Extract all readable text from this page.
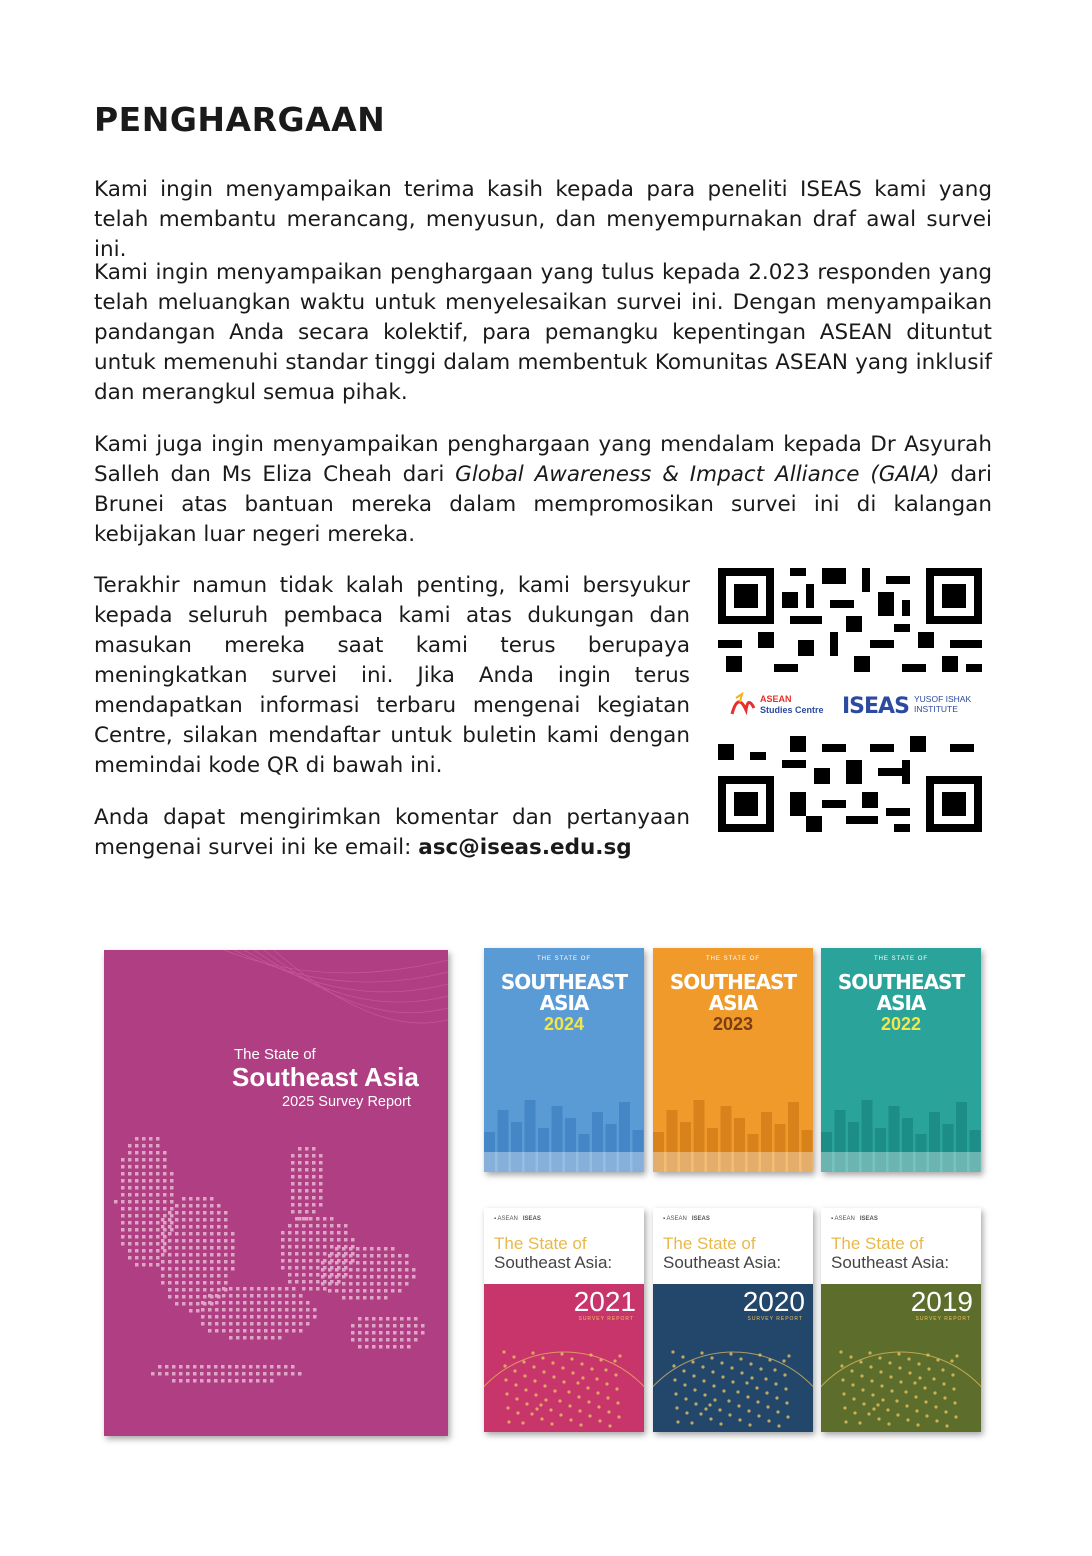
PENGHARGAAN

Kami ingin menyampaikan terima kasih kepada para peneliti ISEAS kami yang telah membantu merancang, menyusun, dan menyempurnakan draf awal survei ini.

Kami ingin menyampaikan penghargaan yang tulus kepada 2.023 responden yang telah meluangkan waktu untuk menyelesaikan survei ini. Dengan menyampaikan pandangan Anda secara kolektif, para pemangku kepentingan ASEAN dituntut untuk memenuhi standar tinggi dalam membentuk Komunitas ASEAN yang inklusif dan merangkul semua pihak.

Kami juga ingin menyampaikan penghargaan yang mendalam kepada Dr Asyurah Salleh dan Ms Eliza Cheah dari Global Awareness & Impact Alliance (GAIA) dari Brunei atas bantuan mereka dalam mempromosikan survei ini di kalangan kebijakan luar negeri mereka.

Terakhir namun tidak kalah penting, kami bersyukur kepada seluruh pembaca kami atas dukungan dan masukan mereka saat kami terus berupaya meningkatkan survei ini. Jika Anda ingin terus mendapatkan informasi terbaru mengenai kegiatan Centre, silakan mendaftar untuk buletin kami dengan memindai kode QR di bawah ini.

Anda dapat mengirimkan komentar dan pertanyaan mengenai survei ini ke email: asc@iseas.edu.sg

ASEAN
Studies Centre ISEAS YUSOF ISHAK
INSTITUTE
The State of
Southeast Asia
2025 Survey Report
THE STATE OF
SOUTHEAST
ASIA
2024
THE STATE OF
SOUTHEAST
ASIA
2023
THE STATE OF
SOUTHEAST
ASIA
2022
▪ ASEAN   ISEAS
The State of
Southeast Asia:
2021
SURVEY REPORT
▪ ASEAN   ISEAS
The State of
Southeast Asia:
2020
SURVEY REPORT
▪ ASEAN   ISEAS
The State of
Southeast Asia:
2019
SURVEY REPORT
